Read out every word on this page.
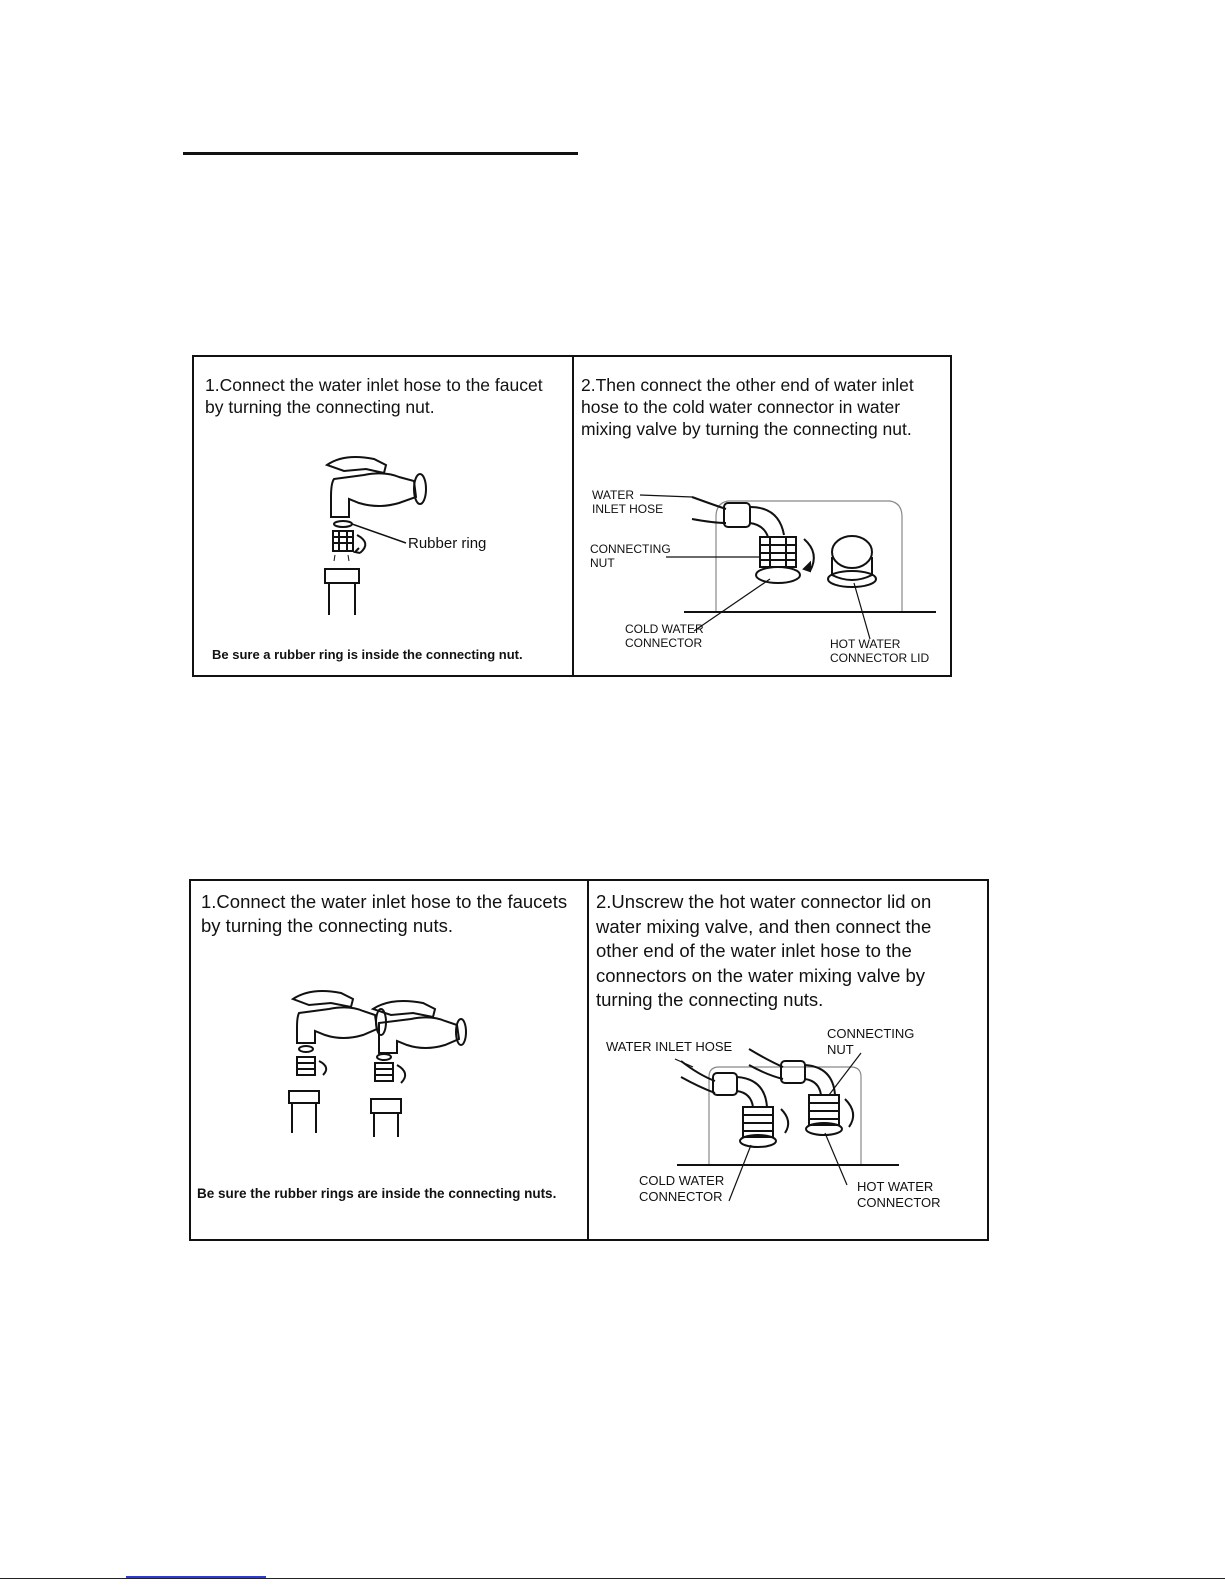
1.Connect the water inlet hose to the faucet
by turning the connecting nut.
Rubber ring
Be sure a rubber ring is inside the connecting nut.
2.Then connect the other end of water inlet
hose to the cold water connector in water
mixing valve by turning the connecting nut.
WATER
INLET HOSE
CONNECTING
NUT
COLD WATER
CONNECTOR	HOT WATER
CONNECTOR LID
1.Connect the water inlet hose to the faucets
by turning the connecting nuts.
Be sure the rubber rings are inside the connecting nuts.
2.Unscrew the hot water connector lid on
water mixing valve, and then connect the
other end of the water inlet hose to the
connectors on the water mixing valve by
turning the connecting nuts.
WATER INLET HOSE
CONNECTING
NUT
COLD WATER
CONNECTOR
HOT WATER
CONNECTOR
